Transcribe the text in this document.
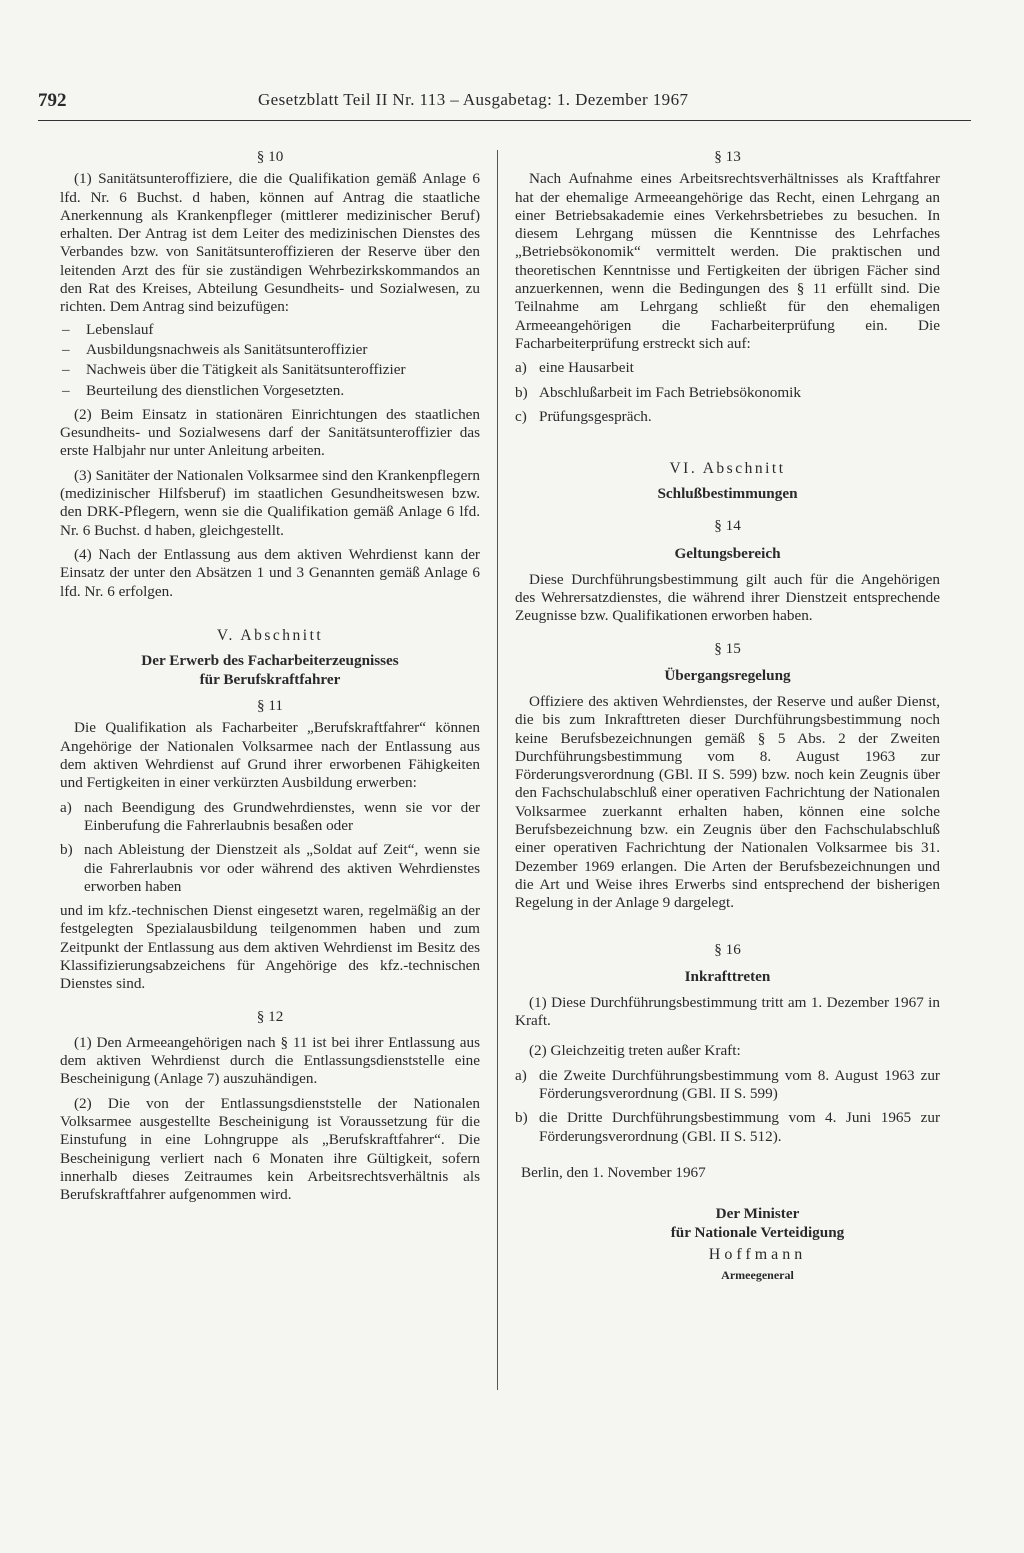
792	Gesetzblatt Teil II Nr. 113 – Ausgabetag: 1. Dezember 1967
§ 10

(1) Sanitätsunteroffiziere, die die Qualifikation gemäß Anlage 6 lfd. Nr. 6 Buchst. d haben, können auf Antrag die staatliche Anerkennung als Krankenpfleger (mittlerer medizinischer Beruf) erhalten. Der Antrag ist dem Leiter des medizinischen Dienstes des Verbandes bzw. von Sanitätsunteroffizieren der Reserve über den leitenden Arzt des für sie zuständigen Wehrbezirkskommandos an den Rat des Kreises, Abteilung Gesundheits- und Sozialwesen, zu richten. Dem Antrag sind beizufügen:

– Lebenslauf
– Ausbildungsnachweis als Sanitätsunteroffizier
– Nachweis über die Tätigkeit als Sanitätsunteroffizier
– Beurteilung des dienstlichen Vorgesetzten.

(2) Beim Einsatz in stationären Einrichtungen des staatlichen Gesundheits- und Sozialwesens darf der Sanitätsunteroffizier das erste Halbjahr nur unter Anleitung arbeiten.

(3) Sanitäter der Nationalen Volksarmee sind den Krankenpflegern (medizinischer Hilfsberuf) im staatlichen Gesundheitswesen bzw. den DRK-Pflegern, wenn sie die Qualifikation gemäß Anlage 6 lfd. Nr. 6 Buchst. d haben, gleichgestellt.

(4) Nach der Entlassung aus dem aktiven Wehrdienst kann der Einsatz der unter den Absätzen 1 und 3 Genannten gemäß Anlage 6 lfd. Nr. 6 erfolgen.

V. Abschnitt
Der Erwerb des Facharbeiterzeugnisses
für Berufskraftfahrer
§ 11

Die Qualifikation als Facharbeiter „Berufskraftfahrer“ können Angehörige der Nationalen Volksarmee nach der Entlassung aus dem aktiven Wehrdienst auf Grund ihrer erworbenen Fähigkeiten und Fertigkeiten in einer verkürzten Ausbildung erwerben:

a) nach Beendigung des Grundwehrdienstes, wenn sie vor der Einberufung die Fahrerlaubnis besaßen oder
b) nach Ableistung der Dienstzeit als „Soldat auf Zeit“, wenn sie die Fahrerlaubnis vor oder während des aktiven Wehrdienstes erworben haben

und im kfz.-technischen Dienst eingesetzt waren, regelmäßig an der festgelegten Spezialausbildung teilgenommen haben und zum Zeitpunkt der Entlassung aus dem aktiven Wehrdienst im Besitz des Klassifizierungsabzeichens für Angehörige des kfz.-technischen Dienstes sind.

§ 12

(1) Den Armeeangehörigen nach § 11 ist bei ihrer Entlassung aus dem aktiven Wehrdienst durch die Entlassungsdienststelle eine Bescheinigung (Anlage 7) auszuhändigen.

(2) Die von der Entlassungsdienststelle der Nationalen Volksarmee ausgestellte Bescheinigung ist Voraussetzung für die Einstufung in eine Lohngruppe als „Berufskraftfahrer“. Die Bescheinigung verliert nach 6 Monaten ihre Gültigkeit, sofern innerhalb dieses Zeitraumes kein Arbeitsrechtsverhältnis als Berufskraftfahrer aufgenommen wird.

§ 13

Nach Aufnahme eines Arbeitsrechtsverhältnisses als Kraftfahrer hat der ehemalige Armeeangehörige das Recht, einen Lehrgang an einer Betriebsakademie eines Verkehrsbetriebes zu besuchen. In diesem Lehrgang müssen die Kenntnisse des Lehrfaches „Betriebsökonomik“ vermittelt werden. Die praktischen und theoretischen Kenntnisse und Fertigkeiten der übrigen Fächer sind anzuerkennen, wenn die Bedingungen des § 11 erfüllt sind. Die Teilnahme am Lehrgang schließt für den ehemaligen Armeeangehörigen die Facharbeiterprüfung ein. Die Facharbeiterprüfung erstreckt sich auf:

a) eine Hausarbeit
b) Abschlußarbeit im Fach Betriebsökonomik
c) Prüfungsgespräch.
VI. Abschnitt
Schlußbestimmungen
§ 14
Geltungsbereich

Diese Durchführungsbestimmung gilt auch für die Angehörigen des Wehrersatzdienstes, die während ihrer Dienstzeit entsprechende Zeugnisse bzw. Qualifikationen erworben haben.

§ 15
Übergangsregelung

Offiziere des aktiven Wehrdienstes, der Reserve und außer Dienst, die bis zum Inkrafttreten dieser Durchführungsbestimmung noch keine Berufsbezeichnungen gemäß § 5 Abs. 2 der Zweiten Durchführungsbestimmung vom 8. August 1963 zur Förderungsverordnung (GBl. II S. 599) bzw. noch kein Zeugnis über den Fachschulabschluß einer operativen Fachrichtung der Nationalen Volksarmee zuerkannt erhalten haben, können eine solche Berufsbezeichnung bzw. ein Zeugnis über den Fachschulabschluß einer operativen Fachrichtung der Nationalen Volksarmee bis 31. Dezember 1969 erlangen. Die Arten der Berufsbezeichnungen und die Art und Weise ihres Erwerbs sind entsprechend der bisherigen Regelung in der Anlage 9 dargelegt.

§ 16
Inkrafttreten

(1) Diese Durchführungsbestimmung tritt am 1. Dezember 1967 in Kraft.

(2) Gleichzeitig treten außer Kraft:

a) die Zweite Durchführungsbestimmung vom 8. August 1963 zur Förderungsverordnung (GBl. II S. 599)
b) die Dritte Durchführungsbestimmung vom 4. Juni 1965 zur Förderungsverordnung (GBl. II S. 512).

Berlin, den 1. November 1967

Der Minister
für Nationale Verteidigung
Hoffmann
Armeegeneral
